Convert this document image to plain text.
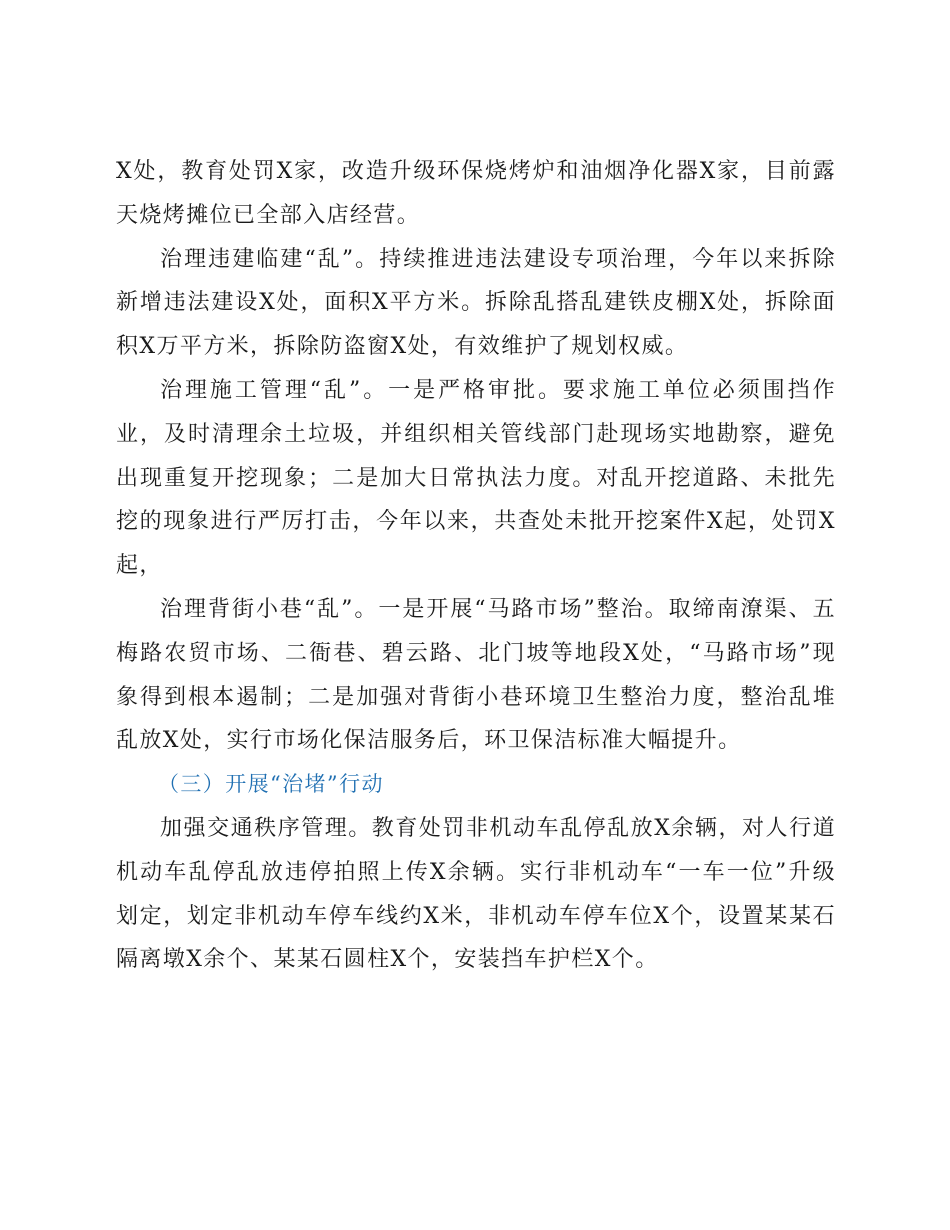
X处，教育处罚X家，改造升级环保烧烤炉和油烟净化器X家，目前露天烧烤摊位已全部入店经营。

治理违建临建“乱”。持续推进违法建设专项治理，今年以来拆除新增违法建设X处，面积X平方米。拆除乱搭乱建铁皮棚X处，拆除面积X万平方米，拆除防盗窗X处，有效维护了规划权威。

治理施工管理“乱”。一是严格审批。要求施工单位必须围挡作业，及时清理余土垃圾，并组织相关管线部门赴现场实地勘察，避免出现重复开挖现象；二是加大日常执法力度。对乱开挖道路、未批先挖的现象进行严厉打击，今年以来，共查处未批开挖案件X起，处罚X起，

治理背街小巷“乱”。一是开展“马路市场”整治。取缔南潦渠、五梅路农贸市场、二衙巷、碧云路、北门坡等地段X处，“马路市场”现象得到根本遏制；二是加强对背街小巷环境卫生整治力度，整治乱堆乱放X处，实行市场化保洁服务后，环卫保洁标准大幅提升。

（三）开展“治堵”行动

加强交通秩序管理。教育处罚非机动车乱停乱放X余辆，对人行道机动车乱停乱放违停拍照上传X余辆。实行非机动车“一车一位”升级划定，划定非机动车停车线约X米，非机动车停车位X个，设置某某石隔离墩X余个、某某石圆柱X个，安装挡车护栏X个。
